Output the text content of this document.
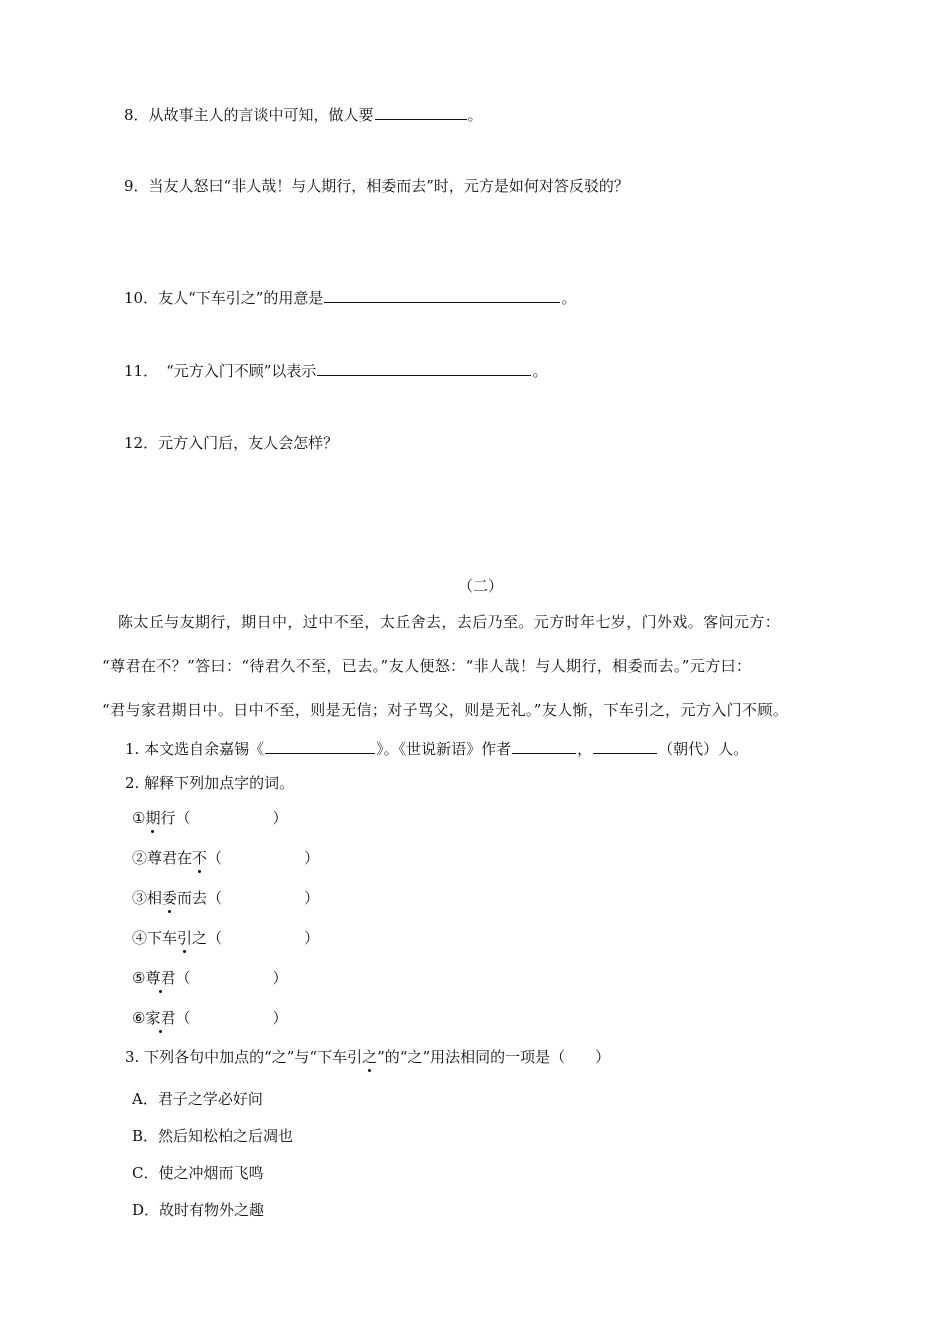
8．从故事主人的言谈中可知，做人要	。
9．当友人怒曰“非人哉！与人期行，相委而去”时，元方是如何对答反驳的？
10．友人“下车引之”的用意是	。
11． “元方入门不顾”以表示	。
12．元方入门后，友人会怎样？
（二）
陈太丘与友期行，期日中，过中不至，太丘舍去，去后乃至。元方时年七岁，门外戏。客问元方：
“尊君在不？”答曰：“待君久不至，已去。”友人便怒：“非人哉！与人期行，相委而去。”元方曰：
“君与家君期日中。日中不至，则是无信；对子骂父，则是无礼。”友人惭，下车引之，元方入门不顾。
1. 本文选自余嘉锡《	》。《世说新语》作者	，	（朝代）人。
2. 解释下列加点字的词。
①期行（	）
②尊君在不（	）
③相委而去（	）
④下车引之（	）
⑤尊君（	）
⑥家君（	）
3. 下列各句中加点的“之”与“下车引之”的“之”用法相同的一项是（ ）
A．君子之学必好问
B．然后知松柏之后凋也
C．使之冲烟而飞鸣
D．故时有物外之趣
